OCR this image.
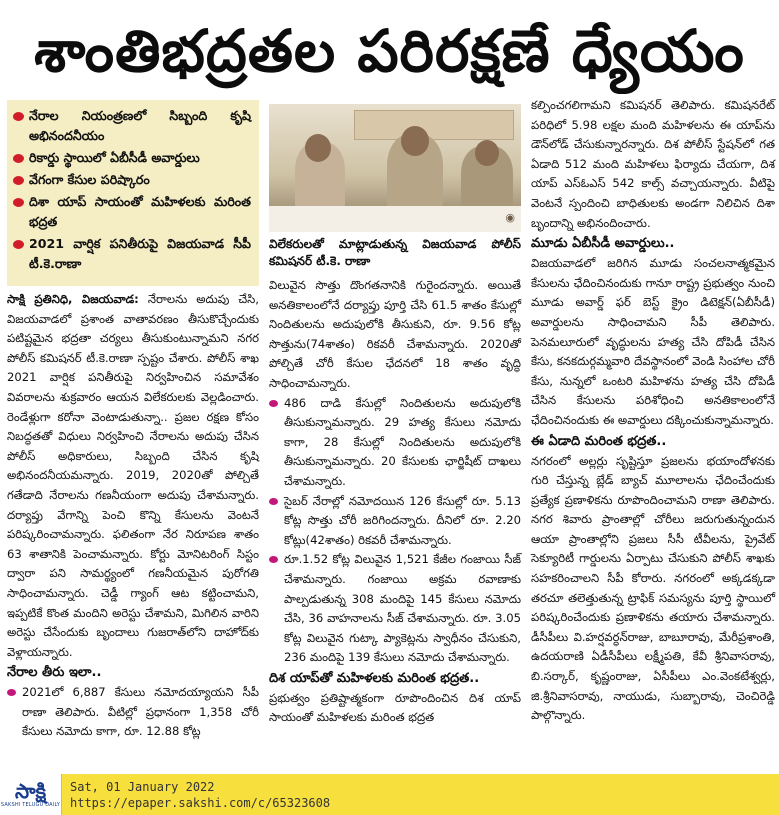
శాంతిభద్రతల పరిరక్షణే ధ్యేయం
నేరాల నియంత్రణలో సిబ్బంది కృషి అభినందనీయం
రికార్డు స్థాయిలో ఏబీసీడీ అవార్డులు
వేగంగా కేసుల పరిష్కారం
దిశా యాప్ సాయంతో మహిళలకు మరింత భద్రత
2021 వార్షిక పనితీరుపై విజయవాడ సీపీ టీ.కె.రాణా

సాక్షి ప్రతినిధి, విజయవాడ: నేరాలను అదుపు చేసి, విజయవాడలో ప్రశాంత వాతావరణం తీసుకొచ్చేందుకు పటిష్టమైన భద్రతా చర్యలు తీసుకుంటున్నామని నగర పోలీస్ కమిషనర్ టీ.కె.రాణా స్పష్టం చేశారు. పోలీస్ శాఖ 2021 వార్షిక పనితీరుపై నిర్వహించిన సమావేశం వివరాలను శుక్రవారం ఆయన విలేకరులకు వెల్లడించారు. రెండేళ్లుగా కరోనా వెంటాడుతున్నా.. ప్రజల రక్షణ కోసం నిబద్ధతతో విధులు నిర్వహించి నేరాలను అదుపు చేసిన పోలీస్ అధికారులు, సిబ్బంది చేసిన కృషి అభినందనీయమన్నారు. 2019, 2020తో పోల్చితే గతేడాది నేరాలను గణనీయంగా అదుపు చేశామన్నారు. దర్యాప్తు వేగాన్ని పెంచి కొన్ని కేసులను వెంటనే పరిష్కరించామన్నారు. ఫలితంగా నేర నిరూపణ శాతం 63 శాతానికి పెంచామన్నారు. కోర్టు మోనిటరింగ్ సిస్టం ద్వారా పని సామర్థ్యంలో గణనీయమైన పురోగతి సాధించామన్నారు. చెడ్డీ గ్యాంగ్ ఆట కట్టించామని, ఇప్పటికే కొంత మందిని అరెస్టు చేశామని, మిగిలిన వారిని అరెస్టు చేసేందుకు బృందాలు గుజరాత్‌లోని దాహోద్‌కు వెళ్లాయన్నారు.

నేరాల తీరు ఇలా..
2021లో 6,887 కేసులు నమోదయ్యాయని సీపీ రాణా తెలిపారు. వీటిల్లో ప్రధానంగా 1,358 చోరీ కేసులు నమోదు కాగా, రూ. 12.88 కోట్ల
◉
విలేకరులతో మాట్లాడుతున్న విజయవాడ పోలీస్ కమిషనర్ టీ.కె. రాణా

విలువైన సొత్తు దొంగతనానికి గురైందన్నారు. అయితే అనతికాలంలోనే దర్యాప్తు పూర్తి చేసి 61.5 శాతం కేసుల్లో నిందితులను అదుపులోకి తీసుకుని, రూ. 9.56 కోట్ల సొత్తును(74శాతం) రికవరీ చేశామన్నారు. 2020తో పోల్చితే చోరీ కేసుల ఛేదనలో 18 శాతం వృద్ధి సాధించామన్నారు.

486 దాడి కేసుల్లో నిందితులను అదుపులోకి తీసుకున్నామన్నారు. 29 హత్య కేసులు నమోదు కాగా, 28 కేసుల్లో నిందితులను అదుపులోకి తీసుకున్నామన్నారు. 20 కేసులకు ఛార్జిషీట్ దాఖలు చేశామన్నారు.
సైబర్ నేరాల్లో నమోదయిన 126 కేసుల్లో రూ. 5.13 కోట్ల సొత్తు చోరీ జరిగిందన్నారు. దీనిలో రూ. 2.20 కోట్లు(42శాతం) రికవరీ చేశామన్నారు.
రూ.1.52 కోట్ల విలువైన 1,521 కేజీల గంజాయి సీజ్ చేశామన్నారు. గంజాయి అక్రమ రవాణాకు పాల్పడుతున్న 308 మందిపై 145 కేసులు నమోదు చేసి, 36 వాహనాలను సీజ్ చేశామన్నారు. రూ. 3.05 కోట్ల విలువైన గుట్కా ప్యాకెట్లను స్వాధీనం చేసుకుని, 236 మందిపై 139 కేసులు నమోదు చేశామన్నారు.
దిశ యాప్‌తో మహిళలకు మరింత భద్రత..

ప్రభుత్వం ప్రతిష్టాత్మకంగా రూపొందించిన దిశ యాప్ సాయంతో మహిళలకు మరింత భద్రత

కల్పించగలిగామని కమిషనర్ తెలిపారు. కమిషనరేట్ పరిధిలో 5.98 లక్షల మంది మహిళలను ఈ యాప్‌ను డౌన్‌లోడ్ చేసుకున్నారన్నారు. దిశ పోలీస్ స్టేషన్‌లో గత ఏడాది 512 మంది మహిళలు ఫిర్యాదు చేయగా, దిశ యాప్ ఎస్ఓఎస్ 542 కాల్స్ వచ్చాయన్నారు. వీటిపై వెంటనే స్పందించి బాధితులకు అండగా నిలిచిన దిశా బృందాన్ని అభినందించారు.

మూడు ఏబీసీడీ అవార్డులు..

విజయవాడలో జరిగిన మూడు సంచలనాత్మకమైన కేసులను ఛేదించినందుకు గానూ రాష్ట్ర ప్రభుత్వం నుంచి మూడు అవార్డ్ ఫర్ బెస్ట్ క్రైం డిటెక్షన్(ఏబీసీడీ) అవార్డులను సాధించామని సీపీ తెలిపారు. పెనమలూరులో వృద్ధులను హత్య చేసి దోపిడీ చేసిన కేసు, కనకదుర్గమ్మవారి దేవస్థానంలో వెండి సింహాల చోరీ కేసు, నున్నలో ఒంటరి మహిళను హత్య చేసి దోపిడీ చేసిన కేసులను పరిశోధించి అనతికాలంలోనే ఛేదించినందుకు ఈ అవార్డులు దక్కించుకున్నామన్నారు.

ఈ ఏడాది మరింత భద్రత..

నగరంలో అల్లర్లు సృష్టిస్తూ ప్రజలను భయాందోళనకు గురి చేస్తున్న బ్లేడ్ బ్యాచ్ మూలాలను ఛేదించేందుకు ప్రత్యేక ప్రణాళికను రూపొందించామని రాణా తెలిపారు. నగర శివారు ప్రాంతాల్లో చోరీలు జరుగుతున్నందున ఆయా ప్రాంతాల్లోని ప్రజలు సీసీ టీవీలను, ప్రైవేట్ సెక్యూరిటీ గార్డులను ఏర్పాటు చేసుకుని పోలీస్ శాఖకు సహకరించాలని సీపీ కోరారు. నగరంలో అక్కడక్కడా తరచూ తలెత్తుతున్న ట్రాఫిక్ సమస్యను పూర్తి స్థాయిలో పరిష్కరించేందుకు ప్రణాళికను తయారు చేశామన్నారు. డీసీపీలు వి.హర్షవర్ధన్‌రాజు, బాబూరావు, మేరీప్రశాంతి, ఉదయరాణి ఏడీసీపీలు లక్ష్మీపతి, కేవీ శ్రీనివాసరావు, బి.సర్కార్, కృష్ణంరాజు, ఏసీపీలు ఎం.వెంకటేశ్వర్లు, జి.శ్రీనివాసరావు, నాయుడు, సుబ్బారావు, చెంచిరెడ్డి పాల్గొన్నారు.

సాక్షి
SAKSHI TELUGU DAILY
Sat, 01 January 2022
https://epaper.sakshi.com/c/65323608
